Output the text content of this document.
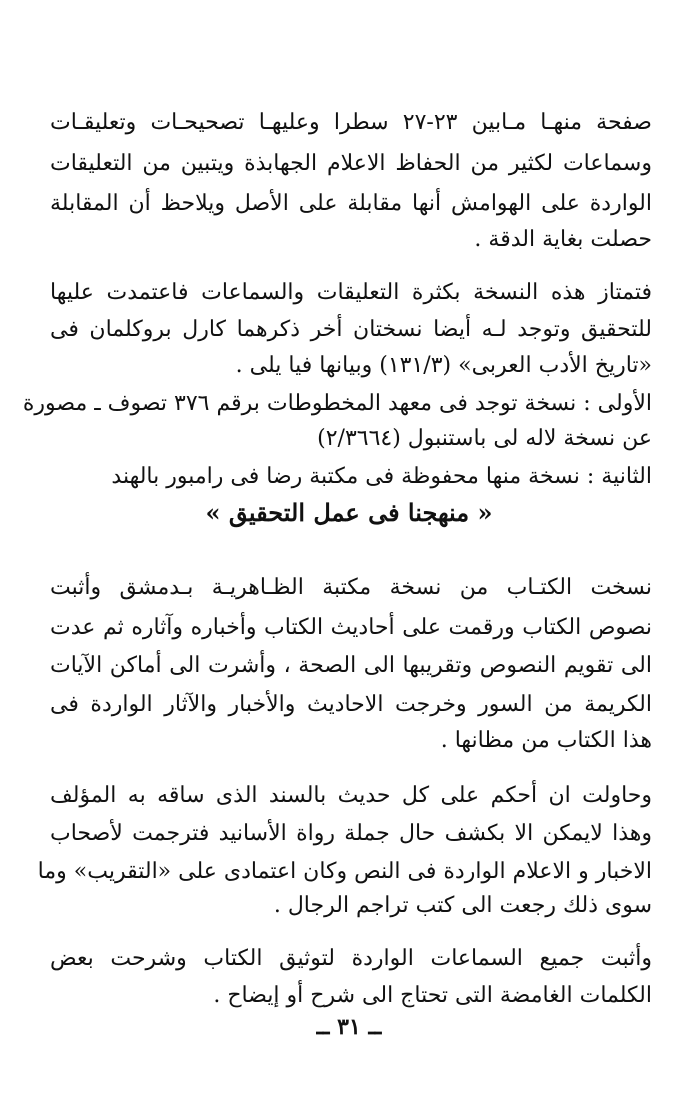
صفحة منهـا مـابين ٢٣-٢٧ سطرا وعليهـا تصحيحـات وتعليقـات
وسماعات لكثير من الحفاظ الاعلام الجهابذة ويتبين من التعليقات
الواردة على الهوامش أنها مقابلة على الأصل ويلاحظ أن المقابلة
حصلت بغاية الدقة .
فتمتاز هذه النسخة بكثرة التعليقات والسماعات فاعتمدت عليها
للتحقيق وتوجد لـه أيضا نسختان أخر ذكرهما كارل بروكلمان فى
«تاريخ الأدب العربى» (١٣١/٣) وبيانها فيا يلى .
الأولى : نسخة توجد فى معهد المخطوطات برقم ٣٧٦ تصوف ـ مصورة
عن نسخة لاله لى باستنبول (٢/٣٦٦٤)
الثانية : نسخة منها محفوظة فى مكتبة رضا فى رامبور بالهند
« منهجنا فى عمل التحقيق »
نسخت الكتـاب من نسخة مكتبة الظـاهريـة بـدمشق وأثبت
نصوص الكتاب ورقمت على أحاديث الكتاب وأخباره وآثاره ثم عدت
الى تقويم النصوص وتقريبها الى الصحة ، وأشرت الى أماكن الآيات
الكريمة من السور وخرجت الاحاديث والأخبار والآثار الواردة فى
هذا الكتاب من مظانها .
وحاولت ان أحكم على كل حديث بالسند الذى ساقه به المؤلف
وهذا لايمكن الا بكشف حال جملة رواة الأسانيد فترجمت لأصحاب
الاخبار و الاعلام الواردة فى النص وكان اعتمادى على «التقريب» وما
سوى ذلك رجعت الى كتب تراجم الرجال .
وأثبت جميع السماعات الواردة لتوثيق الكتاب وشرحت بعض
الكلمات الغامضة التى تحتاج الى شرح أو إيضاح .
ــ ٣١ ــ
